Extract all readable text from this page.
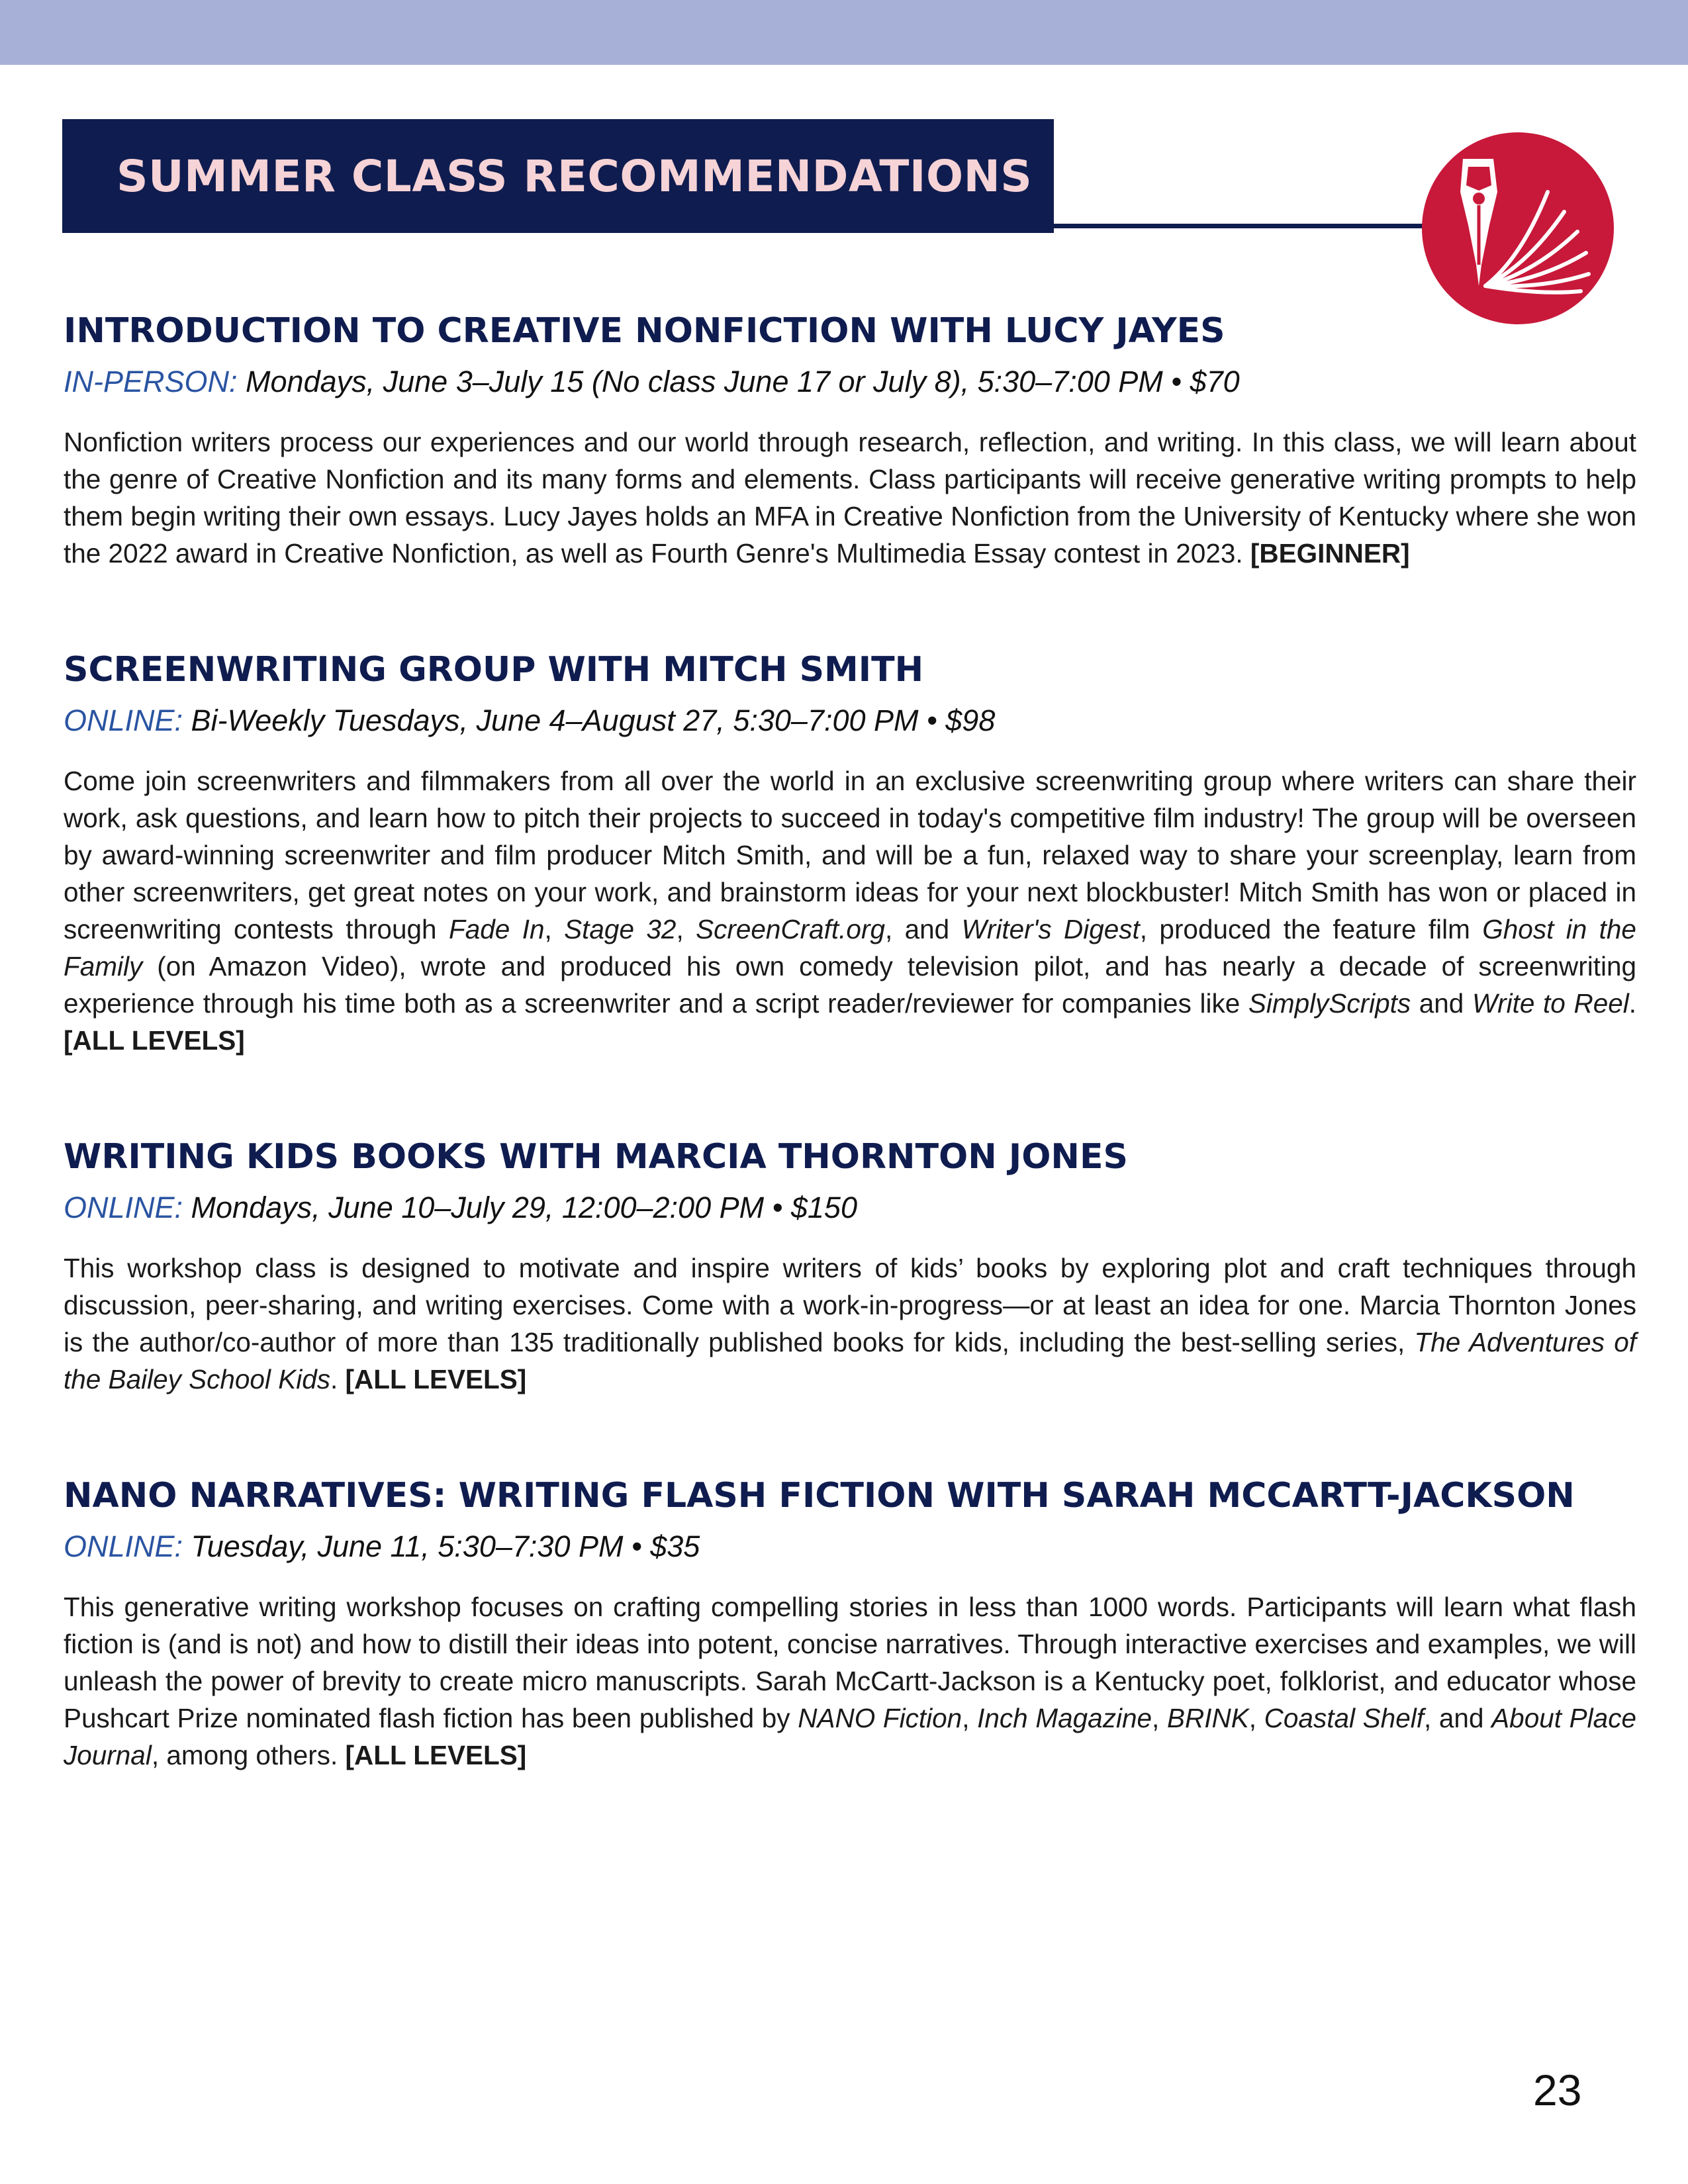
SUMMER CLASS RECOMMENDATIONS
INTRODUCTION TO CREATIVE NONFICTION WITH LUCY JAYES

IN-PERSON: Mondays, June 3–July 15 (No class June 17 or July 8), 5:30–7:00 PM • $70

Nonfiction writers process our experiences and our world through research, reflection, and writing. In this class, we will learn about the genre of Creative Nonfiction and its many forms and elements. Class participants will receive generative writing prompts to help them begin writing their own essays. Lucy Jayes holds an MFA in Creative Nonfiction from the University of Kentucky where she won the 2022 award in Creative Nonfiction, as well as Fourth Genre's Multimedia Essay contest in 2023. [BEGINNER]

SCREENWRITING GROUP WITH MITCH SMITH

ONLINE: Bi-Weekly Tuesdays, June 4–August 27, 5:30–7:00 PM • $98

Come join screenwriters and filmmakers from all over the world in an exclusive screenwriting group where writers can share their work, ask questions, and learn how to pitch their projects to succeed in today's competitive film industry! The group will be overseen by award-winning screenwriter and film producer Mitch Smith, and will be a fun, relaxed way to share your screenplay, learn from other screenwriters, get great notes on your work, and brainstorm ideas for your next blockbuster! Mitch Smith has won or placed in screenwriting contests through Fade In, Stage 32, ScreenCraft.org, and Writer's Digest, produced the feature film Ghost in the Family (on Amazon Video), wrote and produced his own comedy television pilot, and has nearly a decade of screenwriting experience through his time both as a screenwriter and a script reader/reviewer for companies like SimplyScripts and Write to Reel. [ALL LEVELS]

WRITING KIDS BOOKS WITH MARCIA THORNTON JONES

ONLINE: Mondays, June 10–July 29, 12:00–2:00 PM • $150

This workshop class is designed to motivate and inspire writers of kids’ books by exploring plot and craft techniques through discussion, peer-sharing, and writing exercises. Come with a work-in-progress—or at least an idea for one. Marcia Thornton Jones is the author/co-author of more than 135 traditionally published books for kids, including the best-selling series, The Adventures of the Bailey School Kids. [ALL LEVELS]

NANO NARRATIVES: WRITING FLASH FICTION WITH SARAH MCCARTT-JACKSON

ONLINE: Tuesday, June 11, 5:30–7:30 PM • $35

This generative writing workshop focuses on crafting compelling stories in less than 1000 words. Participants will learn what flash fiction is (and is not) and how to distill their ideas into potent, concise narratives. Through interactive exercises and examples, we will unleash the power of brevity to create micro manuscripts. Sarah McCartt-Jackson is a Kentucky poet, folklorist, and educator whose Pushcart Prize nominated flash fiction has been published by NANO Fiction, Inch Magazine, BRINK, Coastal Shelf, and About Place Journal, among others. [ALL LEVELS]

23
